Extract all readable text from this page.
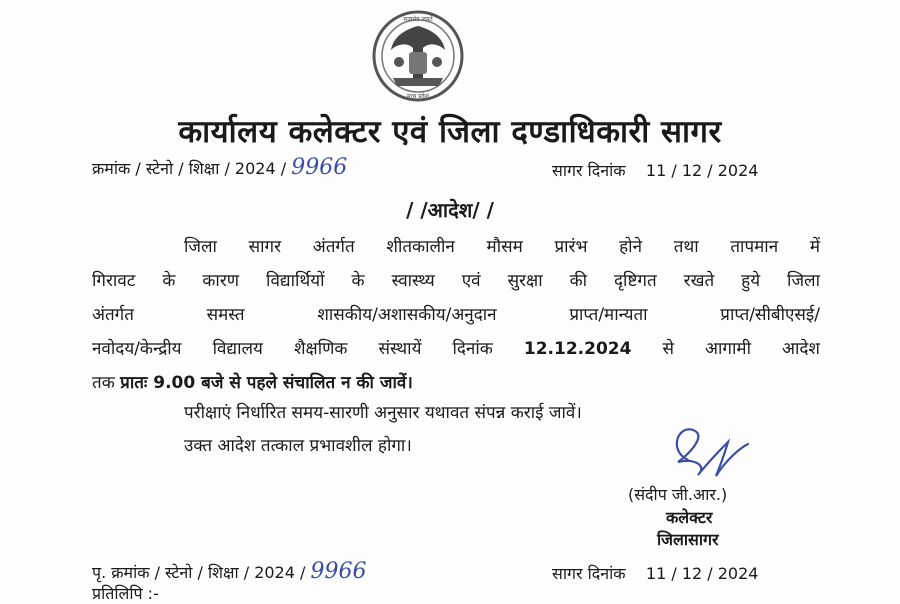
सत्यमेव जयते
मध्य प्रदेश
कार्यालय कलेक्टर एवं जिला दण्डाधिकारी सागर
क्रमांक / स्टेनो / शिक्षा / 2024 / 9966	सागर दिनांक 11 / 12 / 2024
/ /आदेश/ /
जिला सागर अंतर्गत शीतकालीन मौसम प्रारंभ होने तथा तापमान में
गिरावट के कारण विद्यार्थियों के स्वास्थ्य एवं सुरक्षा की दृष्टिगत रखते हुये जिला
अंतर्गत समस्त शासकीय/अशासकीय/अनुदान प्राप्त/मान्यता प्राप्त/सीबीएसई/
नवोदय/केन्द्रीय विद्यालय शैक्षणिक संस्थायें दिनांक 12.12.2024 से आगामी आदेश
तक प्रातः 9.00 बजे से पहले संचालित न की जावें।
परीक्षाएं निर्धारित समय-सारणी अनुसार यथावत संपन्न कराई जावें।
उक्त आदेश तत्काल प्रभावशील होगा।
(संदीप जी.आर.)
कलेक्टर
जिलासागर
पृ. क्रमांक / स्टेनो / शिक्षा / 2024 / 9966	सागर दिनांक 11 / 12 / 2024
प्रतिलिपि :-
